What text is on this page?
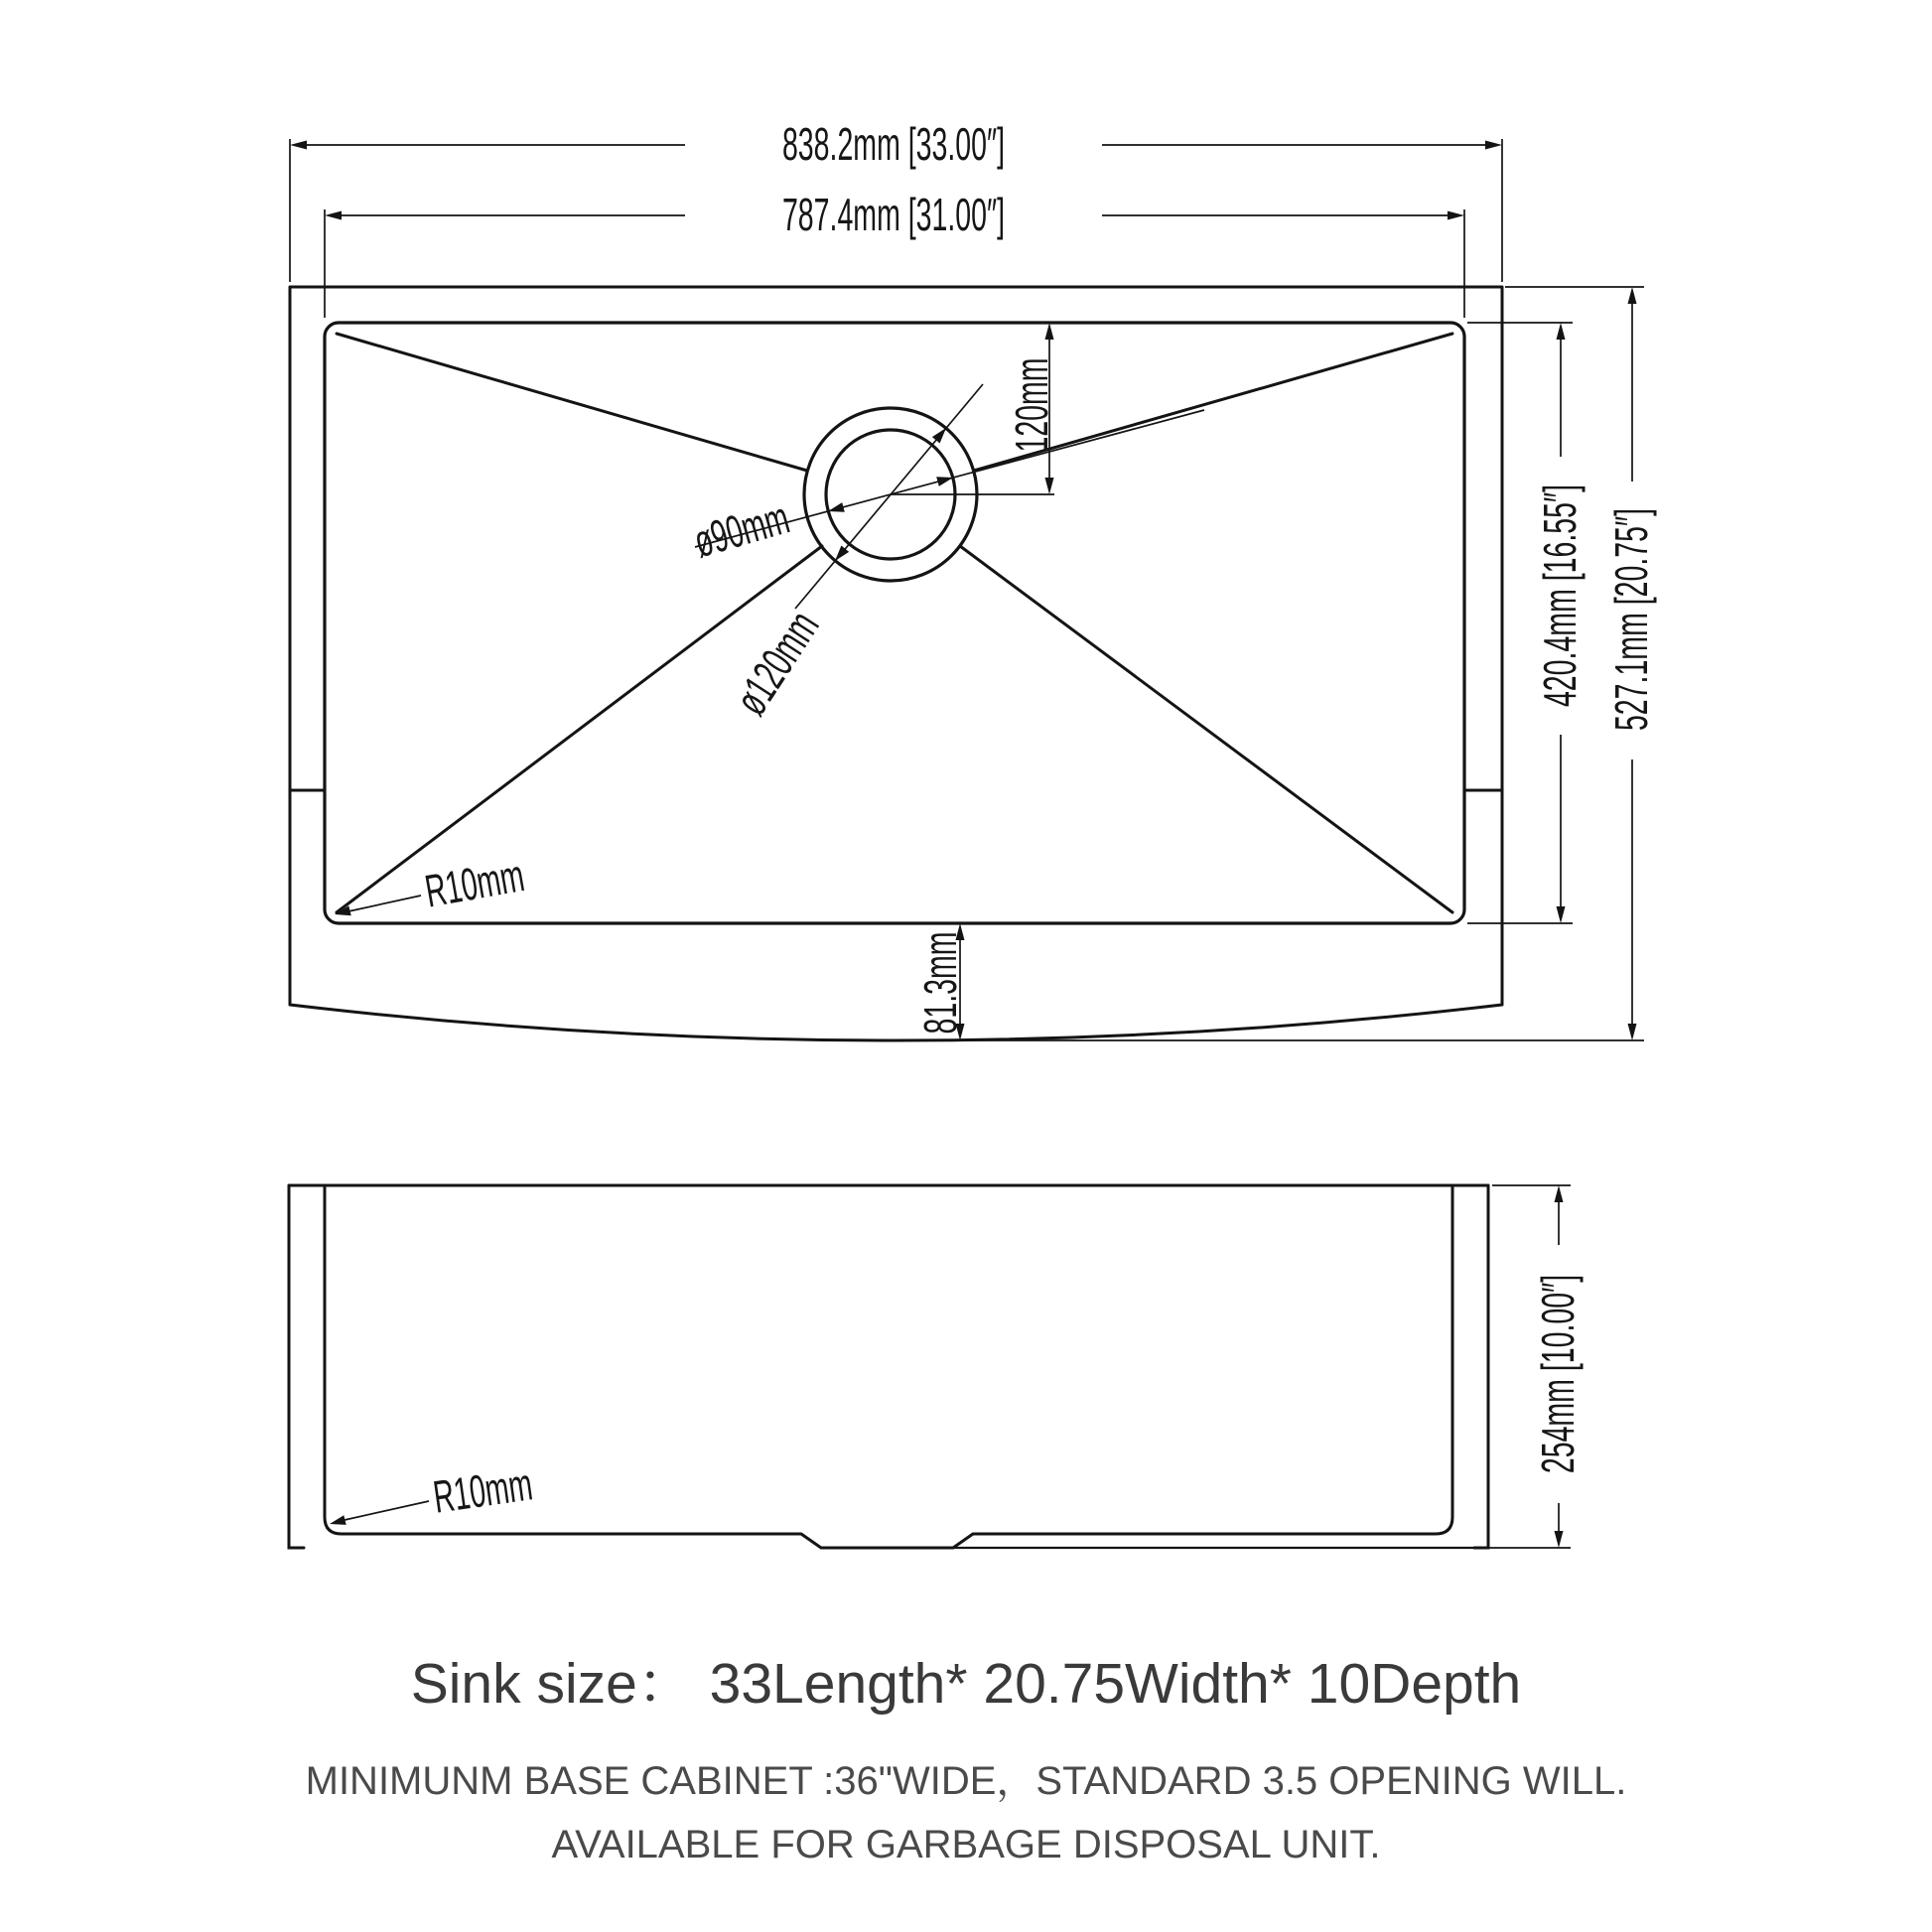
838.2mm [33.00″]
787.4mm [31.00″]
120mm
ø90mm
ø120mm
R10mm
81.3mm
420.4mm [16.55″] 527.1mm [20.75″]
R10mm
254mm [10.00″]

Sink size： 33Length* 20.75Width* 10Depth

MINIMUNM BASE CABINET :36"WIDE，STANDARD 3.5 OPENING WILL.

AVAILABLE FOR GARBAGE DISPOSAL UNIT.
